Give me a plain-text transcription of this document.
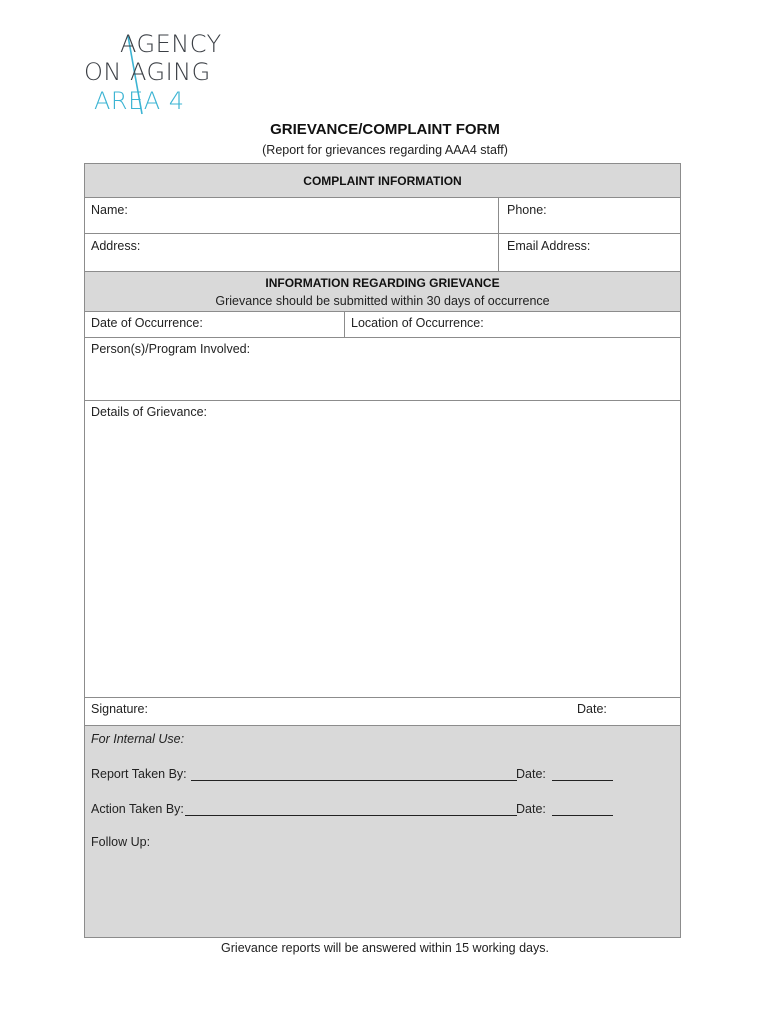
AGENCY
ON AGING
AREA 4
GRIEVANCE/COMPLAINT FORM
(Report for grievances regarding AAA4 staff)
COMPLAINT INFORMATION
Name:	Phone:
Address:	Email Address:
INFORMATION REGARDING GRIEVANCE
Grievance should be submitted within 30 days of occurrence
Date of Occurrence:	Location of Occurrence:
Person(s)/Program Involved:
Details of Grievance:
Signature:	Date:
For Internal Use:
Report Taken By:	Date:
Action Taken By:	Date:
Follow Up:
Grievance reports will be answered within 15 working days.
